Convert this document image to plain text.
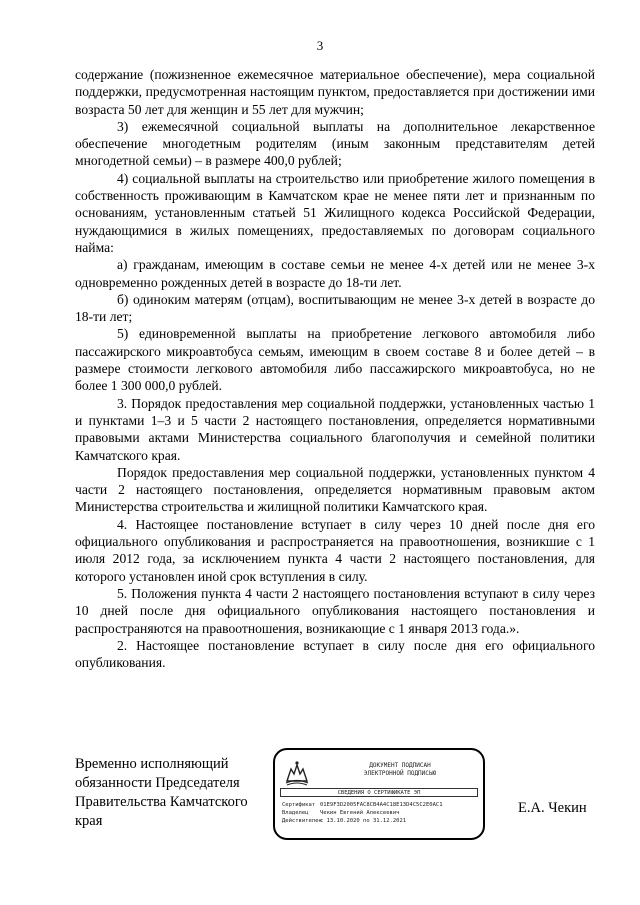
3

содержание (пожизненное ежемесячное материальное обеспечение), мера социальной поддержки, предусмотренная настоящим пунктом, предоставляется при достижении ими возраста 50 лет для женщин и 55 лет для мужчин;

3) ежемесячной социальной выплаты на дополнительное лекарственное обеспечение многодетным родителям (иным законным представителям детей многодетной семьи) – в размере 400,0 рублей;

4) социальной выплаты на строительство или приобретение жилого помещения в собственность проживающим в Камчатском крае не менее пяти лет и признанным по основаниям, установленным статьей 51 Жилищного кодекса Российской Федерации, нуждающимися в жилых помещениях, предоставляемых по договорам социального найма:

а) гражданам, имеющим в составе семьи не менее 4-х детей или не менее 3-х одновременно рожденных детей в возрасте до 18-ти лет.

б) одиноким матерям (отцам), воспитывающим не менее 3-х детей в возрасте до 18-ти лет;

5) единовременной выплаты на приобретение легкового автомобиля либо пассажирского микроавтобуса семьям, имеющим в своем составе 8 и более детей – в размере стоимости легкового автомобиля либо пассажирского микроавтобуса, но не более 1 300 000,0 рублей.

3. Порядок предоставления мер социальной поддержки, установленных частью 1 и пунктами 1–3 и 5 части 2 настоящего постановления, определяется нормативными правовыми актами Министерства социального благополучия и семейной политики Камчатского края.

Порядок предоставления мер социальной поддержки, установленных пунктом 4 части 2 настоящего постановления, определяется нормативным правовым актом Министерства строительства и жилищной политики Камчатского края.

4. Настоящее постановление вступает в силу через 10 дней после дня его официального опубликования и распространяется на правоотношения, возникшие с 1 июля 2012 года, за исключением пункта 4 части 2 настоящего постановления, для которого установлен иной срок вступления в силу.

5. Положения пункта 4 части 2 настоящего постановления вступают в силу через 10 дней после дня официального опубликования настоящего постановления и распространяются на правоотношения, возникающие с 1 января 2013 года.».

2. Настоящее постановление вступает в силу после дня его официального опубликования.

Временно исполняющий обязанности Председателя Правительства Камчатского края
ДОКУМЕНТ ПОДПИСАН
ЭЛЕКТРОННОЙ ПОДПИСЬЮ
СВЕДЕНИЯ О СЕРТИФИКАТЕ ЭП
Сертификат 01E9F3D2005FAC8CB4A4C18E13D4C5C2E0AC1
Владелец Чекин Евгений Алексеевич
Действителенс 13.10.2020 по 31.12.2021
Е.А. Чекин
